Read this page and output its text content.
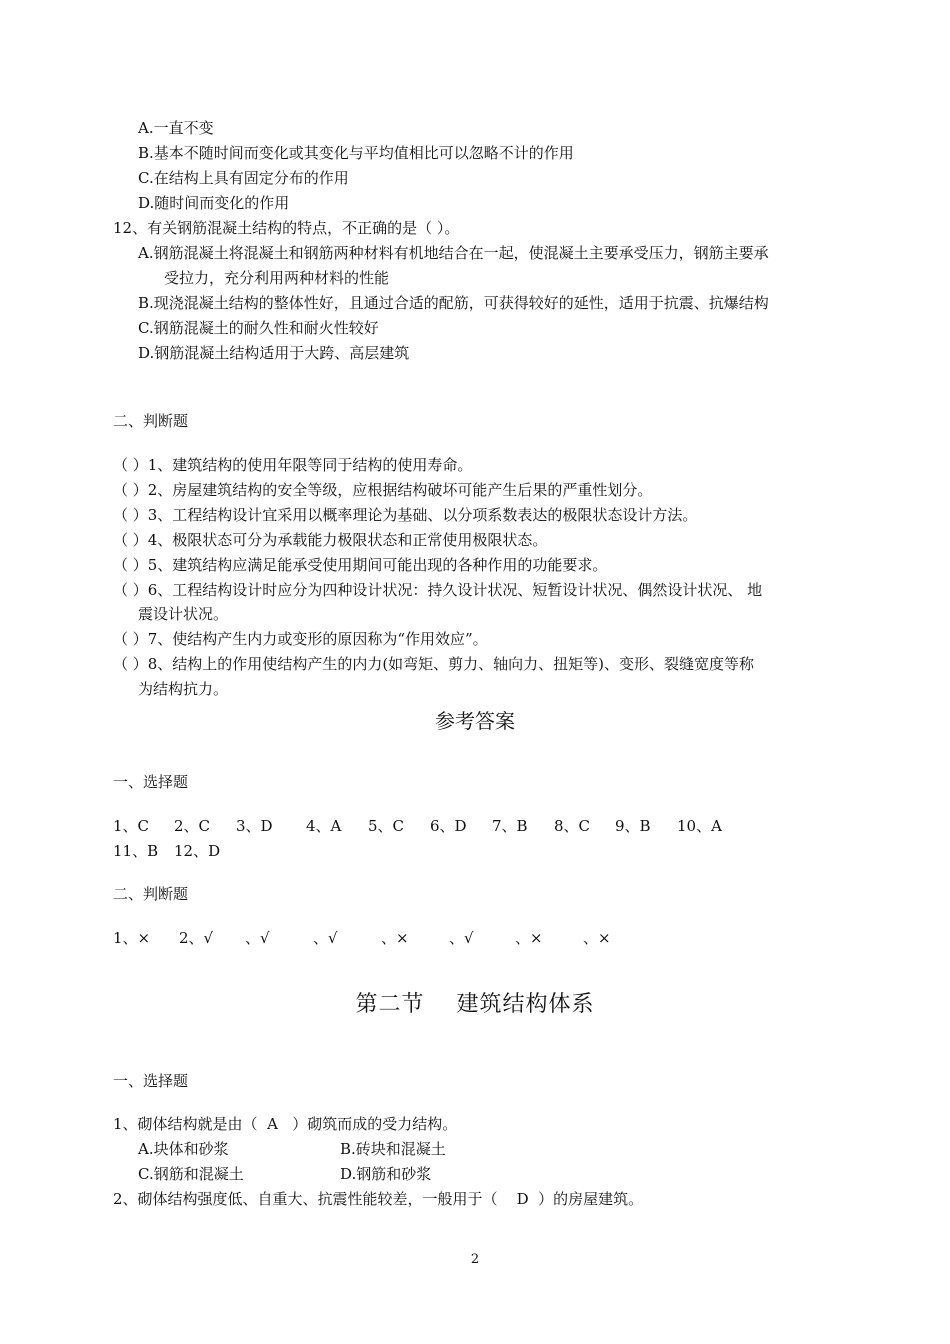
A.一直不变
B.基本不随时间而变化或其变化与平均值相比可以忽略不计的作用
C.在结构上具有固定分布的作用
D.随时间而变化的作用
12、有关钢筋混凝土结构的特点，不正确的是（ ）。
A.钢筋混凝土将混凝土和钢筋两种材料有机地结合在一起，使混凝土主要承受压力，钢筋主要承
受拉力，充分利用两种材料的性能
B.现浇混凝土结构的整体性好，且通过合适的配筋，可获得较好的延性，适用于抗震、抗爆结构
C.钢筋混凝土的耐久性和耐火性较好
D.钢筋混凝土结构适用于大跨、高层建筑
二、判断题
（ ）1、建筑结构的使用年限等同于结构的使用寿命。
（ ）2、房屋建筑结构的安全等级，应根据结构破坏可能产生后果的严重性划分。
（ ）3、工程结构设计宜采用以概率理论为基础、以分项系数表达的极限状态设计方法。
（ ）4、极限状态可分为承载能力极限状态和正常使用极限状态。
（ ）5、建筑结构应满足能承受使用期间可能出现的各种作用的功能要求。
（ ）6、工程结构设计时应分为四种设计状况：持久设计状况、短暂设计状况、偶然设计状况、 地
震设计状况。
（ ）7、使结构产生内力或变形的原因称为“作用效应”。
（ ）8、结构上的作用使结构产生的内力(如弯矩、剪力、轴向力、扭矩等)、变形、裂缝宽度等称
为结构抗力。
参考答案
一、选择题
1、C 2、C 3、D 4、A 5、C 6、D 7、B 8、C 9、B 10、A
11、B 12、D
二、判断题
1、× 2、√ 、√	、√	、×	、√	、×	、×
第二节    建筑结构体系
一、选择题
1、砌体结构就是由（  A   ）砌筑而成的受力结构。
A.块体和砂浆	B.砖块和混凝土
C.钢筋和混凝土	D.钢筋和砂浆
2、砌体结构强度低、自重大、抗震性能较差，一般用于（    D  ）的房屋建筑。
2
